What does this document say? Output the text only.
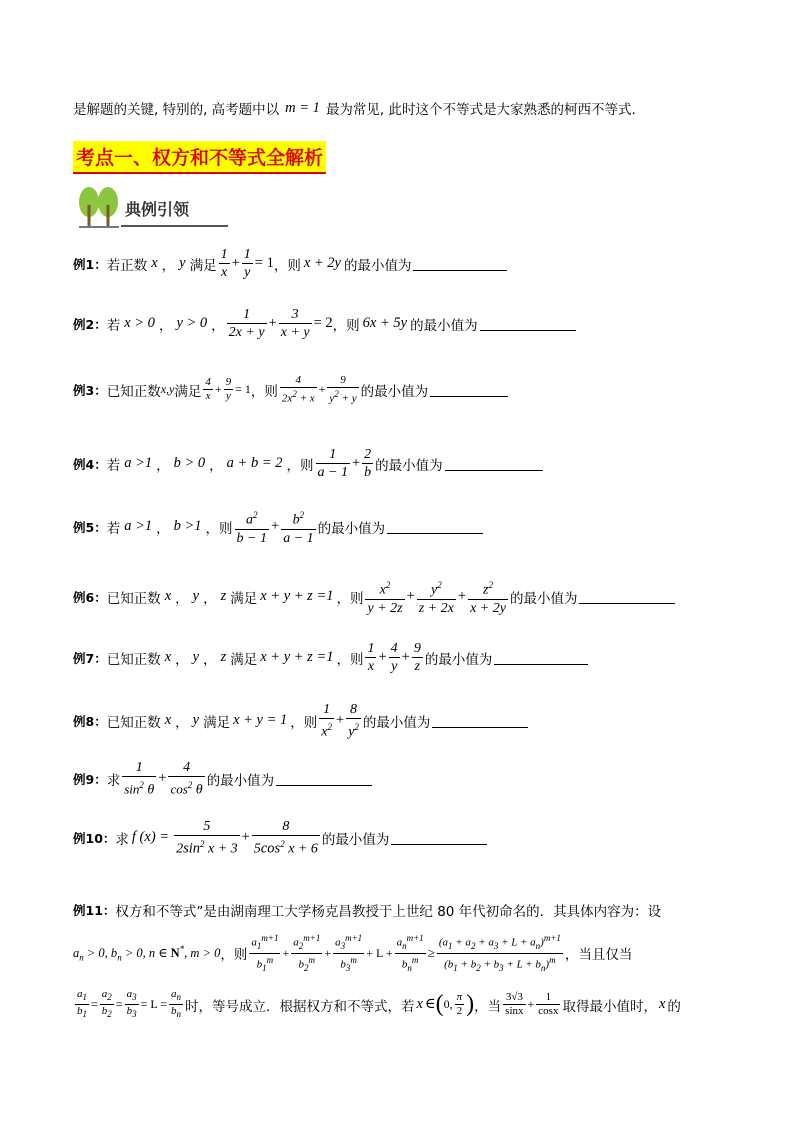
是解题的关键, 特别的, 高考题中以 m = 1 最为常见, 此时这个不等式是大家熟悉的柯西不等式.
考点一、权方和不等式全解析
典例引领
例1： 若正数 x ， y 满足
1
x
+
1
y
= 1 ，则 x + 2y 的最小值为
例2： 若 x > 0 ， y > 0 ，
1
2x + y
+
3
x + y
= 2 ，则 6x + 5y 的最小值为
例3： 已知正数 x,y 满足
4
x + 9
y = 1 ，则
4
$2x^2 + x$
+
9
$y^2 + y$ 的最小值为
例4： 若 a >1 ， b > 0 ， a + b = 2 ，则
1
a − 1
+
2
b 的最小值为
例5： 若 a >1 ， b >1 ，则
$a^2$
b − 1
+ $b^2$
a − 1
的最小值为
例6： 已知正数 x ， y ， z 满足 x + y + z =1 ，则
$x^2$
y + 2z
+ $y^2$
z + 2x
+ $z^2$
x + 2y
的最小值为
例7： 已知正数 x ， y ， z 满足 x + y + z =1 ，则
1
x
+
4
y
+
9
z 的最小值为
例8： 已知正数 x ， y 满足 x + y = 1 ，则
1
$x^2$ +
8
$y^2$ 的最小值为
例9： 求
1
$\sin^2 \theta$
+
4
$\cos^2 \theta$
的最小值为
例10： 求 f (x) =
5
$2\sin^2$ x + 3
+
8
$5\cos^2$ x + 6
的最小值为
例11： 权方和不等式”是由湖南理工大学杨克昌教授于上世纪 80 年代初命名的．其具体内容为：设
$a_n > 0$, $b_n > 0$, n ∈ N*, m > 0 ，则
$a_1^{m+1}$
$b_1^m$ +
$a_2^{m+1}$
$b_2^m$ +
$a_3^{m+1}$
$b_3^m + L$ +
$a_n^{m+1}$
$b_n^m$ ≥
$(a_1 + a_2 + a_3 + L + a_n)^{m+1}$
$(b_1 + b_2 + b_3 + L + b_n)^m$ ，当且仅当
$a_1$
$b_1$
=
$a_2$
$b_2$
=
$a_3$
$b_3$
= L =
$a_n$
$b_n$ 时，等号成立．根据权方和不等式，若 x ∈ ( 0, π
2 ) ，当
3√3
sinx + 1
cosx 取得最小值时， x 的
